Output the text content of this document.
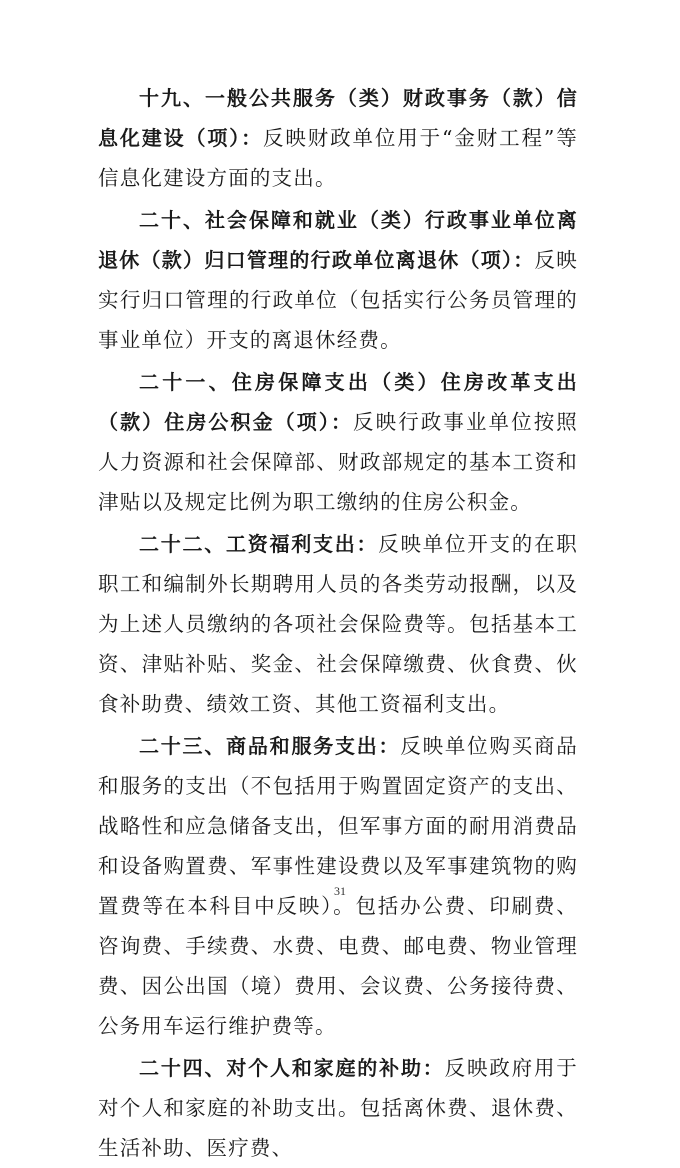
十九、一般公共服务（类）财政事务（款）信息化建设（项）：反映财政单位用于“金财工程”等信息化建设方面的支出。

二十、社会保障和就业（类）行政事业单位离退休（款）归口管理的行政单位离退休（项）：反映实行归口管理的行政单位（包括实行公务员管理的事业单位）开支的离退休经费。

二十一、住房保障支出（类）住房改革支出（款）住房公积金（项）：反映行政事业单位按照人力资源和社会保障部、财政部规定的基本工资和津贴以及规定比例为职工缴纳的住房公积金。

二十二、工资福利支出：反映单位开支的在职职工和编制外长期聘用人员的各类劳动报酬，以及为上述人员缴纳的各项社会保险费等。包括基本工资、津贴补贴、奖金、社会保障缴费、伙食费、伙食补助费、绩效工资、其他工资福利支出。

二十三、商品和服务支出：反映单位购买商品和服务的支出（不包括用于购置固定资产的支出、战略性和应急储备支出，但军事方面的耐用消费品和设备购置费、军事性建设费以及军事建筑物的购置费等在本科目中反映）。包括办公费、印刷费、咨询费、手续费、水费、电费、邮电费、物业管理费、因公出国（境）费用、会议费、公务接待费、公务用车运行维护费等。

二十四、对个人和家庭的补助：反映政府用于对个人和家庭的补助支出。包括离休费、退休费、生活补助、医疗费、

31
